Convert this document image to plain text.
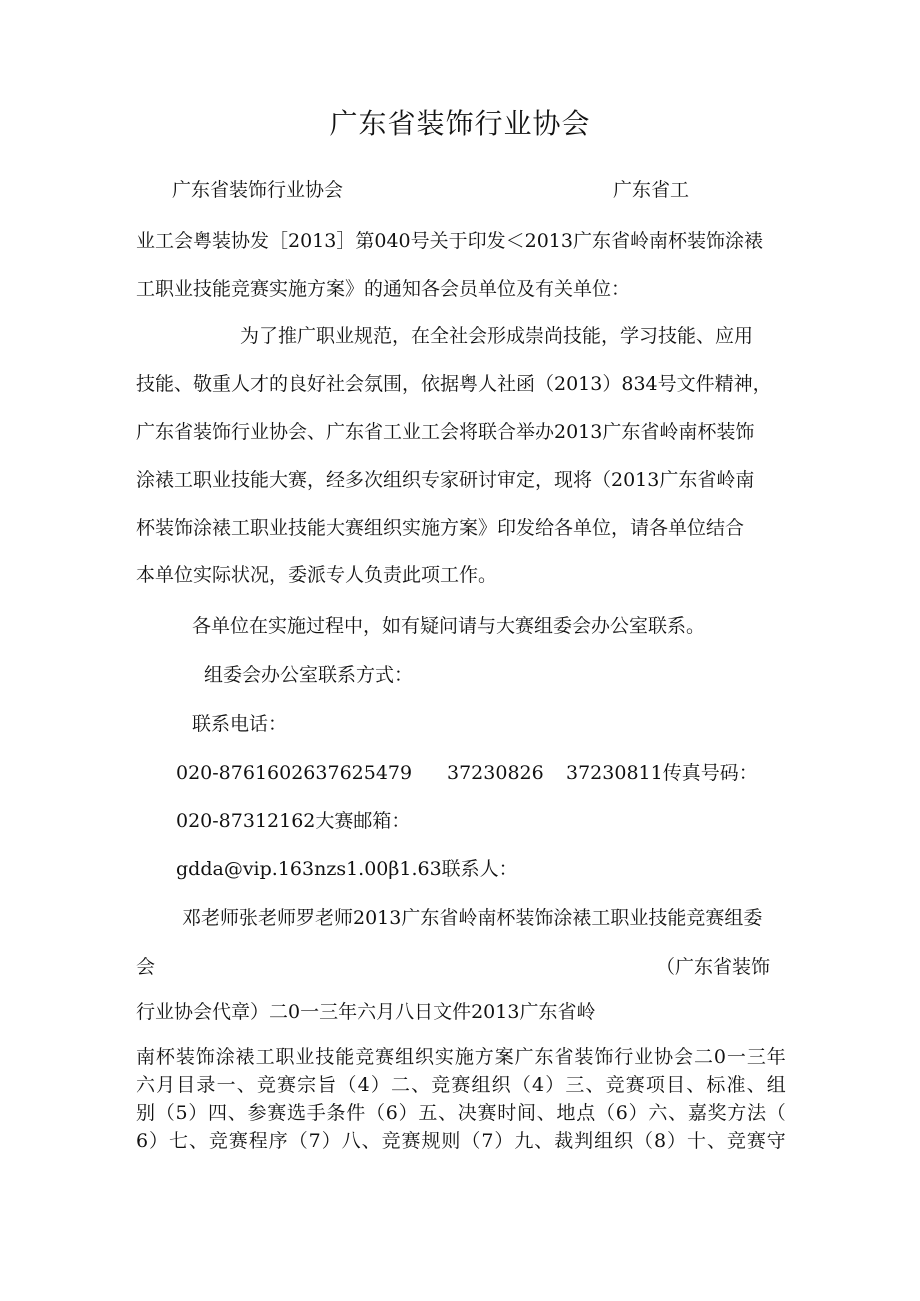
广东省装饰行业协会
广东省装饰行业协会	广东省工
业工会粤装协发［2013］第040号关于印发＜2013广东省岭南杯装饰涂裱
工职业技能竞赛实施方案》的通知各会员单位及有关单位：
为了推广职业规范，在全社会形成崇尚技能，学习技能、应用
技能、敬重人才的良好社会氛围，依据粤人社函（2013）834号文件精神，
广东省装饰行业协会、广东省工业工会将联合举办2013广东省岭南杯装饰
涂裱工职业技能大赛，经多次组织专家研讨审定，现将（2013广东省岭南
杯装饰涂裱工职业技能大赛组织实施方案》印发给各单位，请各单位结合
本单位实际状况，委派专人负责此项工作。
各单位在实施过程中，如有疑问请与大赛组委会办公室联系。
组委会办公室联系方式：
联系电话：
020-8761602637625479 37230826 37230811传真号码：
020-87312162大赛邮箱：
gdda@vip.163nzs1.00β1.63联系人：
邓老师张老师罗老师2013广东省岭南杯装饰涂裱工职业技能竞赛组委
会	（广东省装饰
行业协会代章）二0一三年六月八日文件2013广东省岭
南杯装饰涂裱工职业技能竞赛组织实施方案广东省装饰行业协会二0一三年
六月目录一、竞赛宗旨（4）二、竞赛组织（4）三、竞赛项目、标准、组
别（5）四、参赛选手条件（6）五、决赛时间、地点（6）六、嘉奖方法（
6）七、竞赛程序（7）八、竞赛规则（7）九、裁判组织（8）十、竞赛守
